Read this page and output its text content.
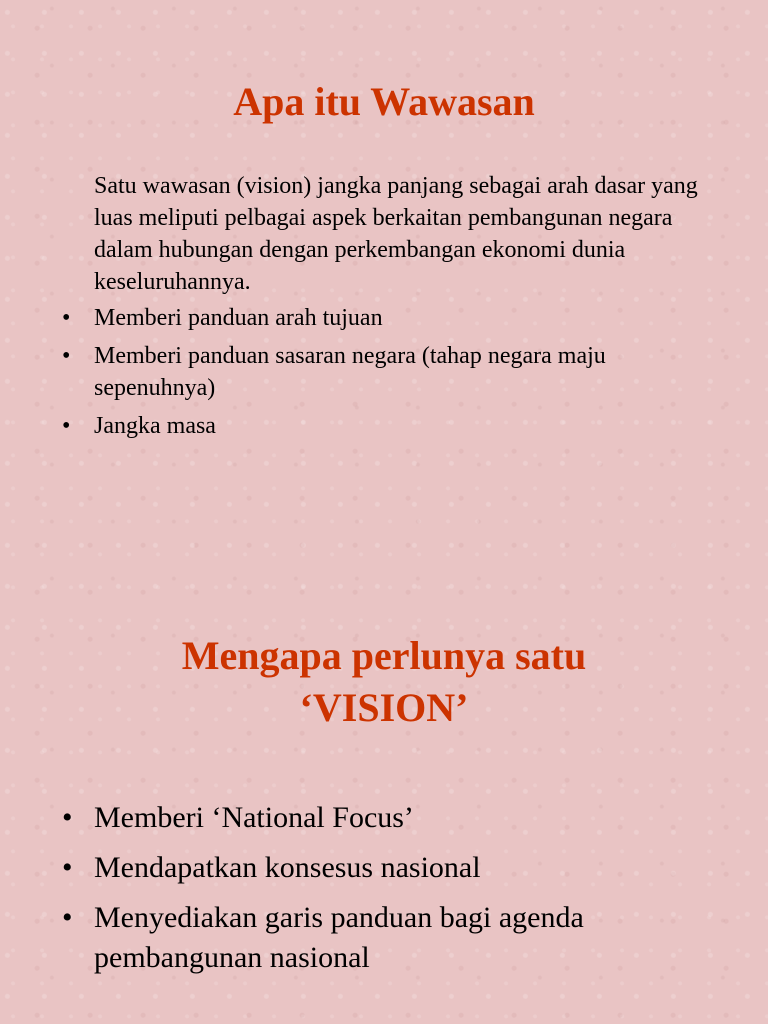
Apa itu Wawasan

Satu wawasan (vision) jangka panjang sebagai arah dasar yang luas meliputi pelbagai aspek berkaitan pembangunan negara dalam hubungan dengan perkembangan ekonomi dunia keseluruhannya.

• Memberi panduan arah tujuan
• Memberi panduan sasaran negara (tahap negara maju sepenuhnya)
• Jangka masa
Mengapa perlunya satu
‘VISION’
• Memberi ‘National Focus’
• Mendapatkan konsesus nasional
• Menyediakan garis panduan bagi agenda pembangunan nasional
